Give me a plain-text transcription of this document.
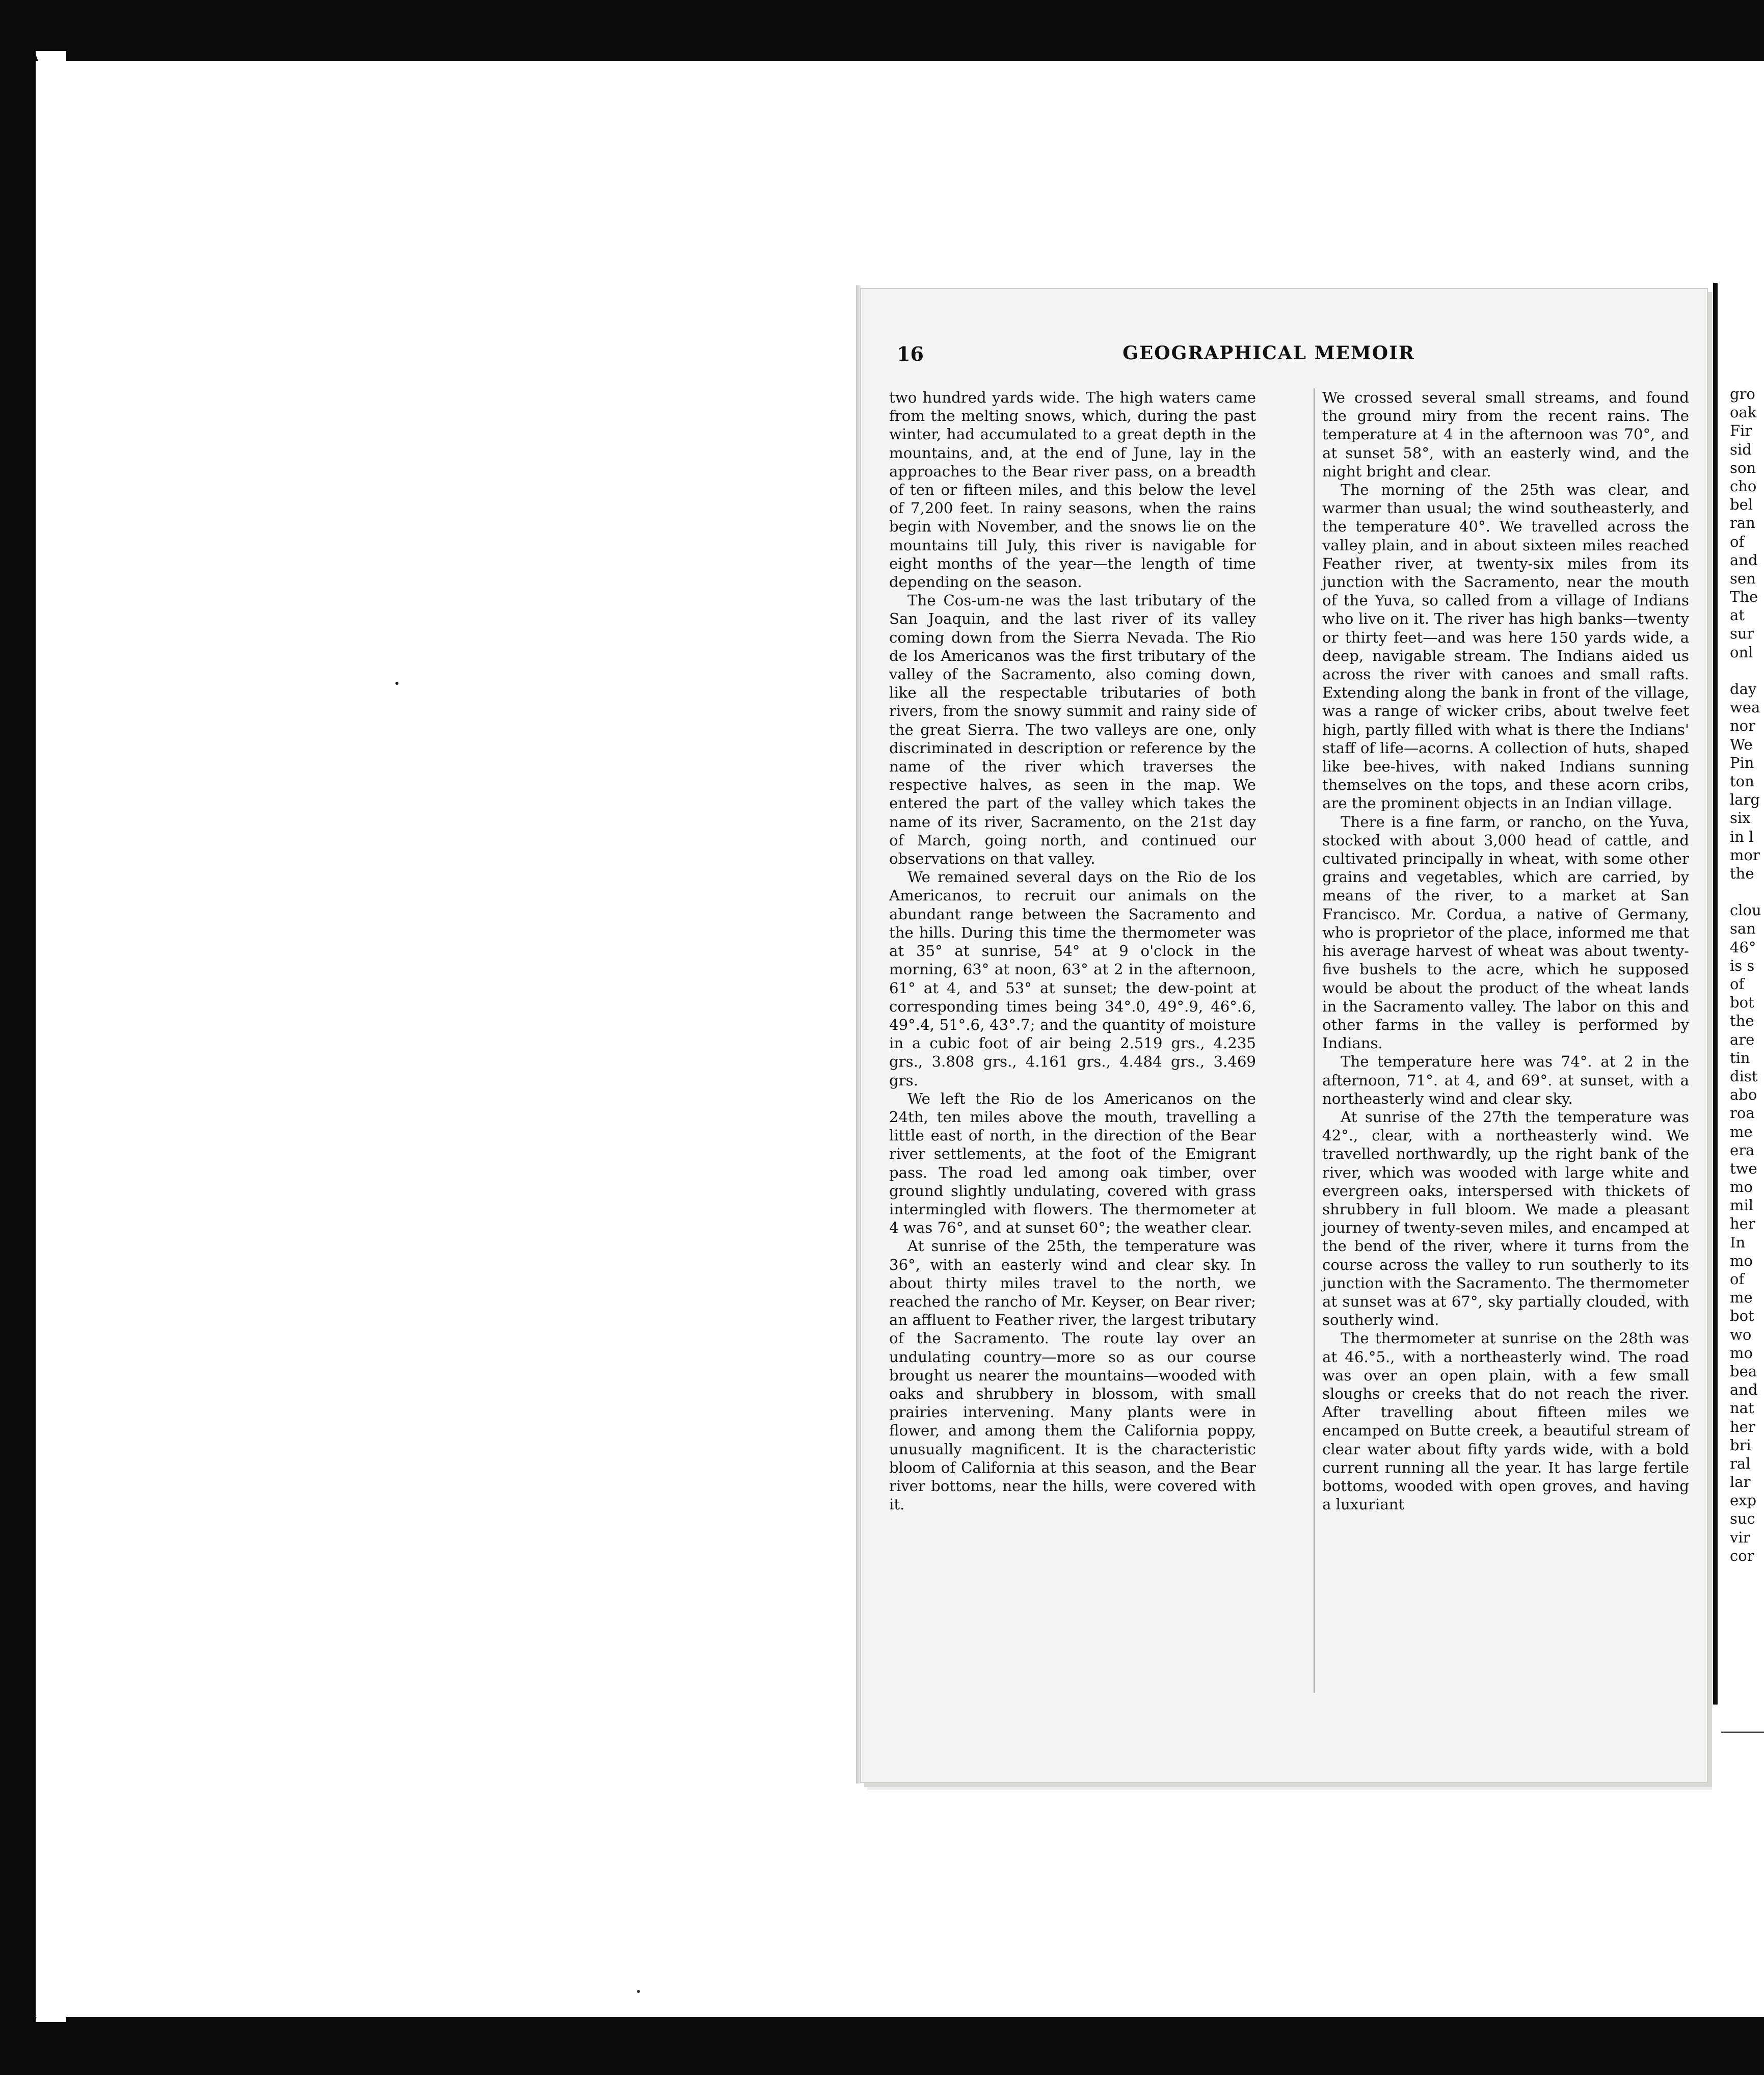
16	GEOGRAPHICAL MEMOIR

two hundred yards wide. The high waters came from the melting snows, which, during the past winter, had accumulated to a great depth in the mountains, and, at the end of June, lay in the approaches to the Bear river pass, on a breadth of ten or fifteen miles, and this below the level of 7,200 feet. In rainy seasons, when the rains begin with November, and the snows lie on the mountains till July, this river is navigable for eight months of the year—the length of time depending on the season.

The Cos-um-ne was the last tributary of the San Joaquin, and the last river of its valley coming down from the Sierra Nevada. The Rio de los Americanos was the first tributary of the valley of the Sacramento, also coming down, like all the respectable tributaries of both rivers, from the snowy summit and rainy side of the great Sierra. The two valleys are one, only discriminated in description or reference by the name of the river which traverses the respective halves, as seen in the map. We entered the part of the valley which takes the name of its river, Sacramento, on the 21st day of March, going north, and continued our observations on that valley.

We remained several days on the Rio de los Americanos, to recruit our animals on the abundant range between the Sacramento and the hills. During this time the thermometer was at 35° at sunrise, 54° at 9 o'clock in the morning, 63° at noon, 63° at 2 in the afternoon, 61° at 4, and 53° at sunset; the dew-point at corresponding times being 34°.0, 49°.9, 46°.6, 49°.4, 51°.6, 43°.7; and the quantity of moisture in a cubic foot of air being 2.519 grs., 4.235 grs., 3.808 grs., 4.161 grs., 4.484 grs., 3.469 grs.

We left the Rio de los Americanos on the 24th, ten miles above the mouth, travelling a little east of north, in the direction of the Bear river settlements, at the foot of the Emigrant pass. The road led among oak timber, over ground slightly undulating, covered with grass intermingled with flowers. The thermometer at 4 was 76°, and at sunset 60°; the weather clear.

At sunrise of the 25th, the temperature was 36°, with an easterly wind and clear sky. In about thirty miles travel to the north, we reached the rancho of Mr. Keyser, on Bear river; an affluent to Feather river, the largest tributary of the Sacramento. The route lay over an undulating country—more so as our course brought us nearer the mountains—wooded with oaks and shrubbery in blossom, with small prairies intervening. Many plants were in flower, and among them the California poppy, unusually magnificent. It is the characteristic bloom of California at this season, and the Bear river bottoms, near the hills, were covered with it.

We crossed several small streams, and found the ground miry from the recent rains. The temperature at 4 in the afternoon was 70°, and at sunset 58°, with an easterly wind, and the night bright and clear.

The morning of the 25th was clear, and warmer than usual; the wind southeasterly, and the temperature 40°. We travelled across the valley plain, and in about sixteen miles reached Feather river, at twenty-six miles from its junction with the Sacramento, near the mouth of the Yuva, so called from a village of Indians who live on it. The river has high banks—twenty or thirty feet—and was here 150 yards wide, a deep, navigable stream. The Indians aided us across the river with canoes and small rafts. Extending along the bank in front of the village, was a range of wicker cribs, about twelve feet high, partly filled with what is there the Indians' staff of life—acorns. A collection of huts, shaped like bee-hives, with naked Indians sunning themselves on the tops, and these acorn cribs, are the prominent objects in an Indian village.

There is a fine farm, or rancho, on the Yuva, stocked with about 3,000 head of cattle, and cultivated principally in wheat, with some other grains and vegetables, which are carried, by means of the river, to a market at San Francisco. Mr. Cordua, a native of Germany, who is proprietor of the place, informed me that his average harvest of wheat was about twenty-five bushels to the acre, which he supposed would be about the product of the wheat lands in the Sacramento valley. The labor on this and other farms in the valley is performed by Indians.

The temperature here was 74°. at 2 in the afternoon, 71°. at 4, and 69°. at sunset, with a northeasterly wind and clear sky.

At sunrise of the 27th the temperature was 42°., clear, with a northeasterly wind. We travelled northwardly, up the right bank of the river, which was wooded with large white and evergreen oaks, interspersed with thickets of shrubbery in full bloom. We made a pleasant journey of twenty-seven miles, and encamped at the bend of the river, where it turns from the course across the valley to run southerly to its junction with the Sacramento. The thermometer at sunset was at 67°, sky partially clouded, with southerly wind.

The thermometer at sunrise on the 28th was at 46.°5., with a northeasterly wind. The road was over an open plain, with a few small sloughs or creeks that do not reach the river. After travelling about fifteen miles we encamped on Butte creek, a beautiful stream of clear water about fifty yards wide, with a bold current running all the year. It has large fertile bottoms, wooded with open groves, and having a luxuriant

gro
oak
Fir
sid
son
cho
bel
ran
of
and
sen
The
at
sur
onl
day
wea
nor
We
Pin
ton
larg
six
in l
mor
the
clou
san
46°
is s
of
bot
the
are
tin
dist
abo
roa
me
era
twe
mo
mil
her
In
mo
of
me
bot
wo
mo
bea
and
nat
her
bri
ral
lar
exp
suc
vir
cor
